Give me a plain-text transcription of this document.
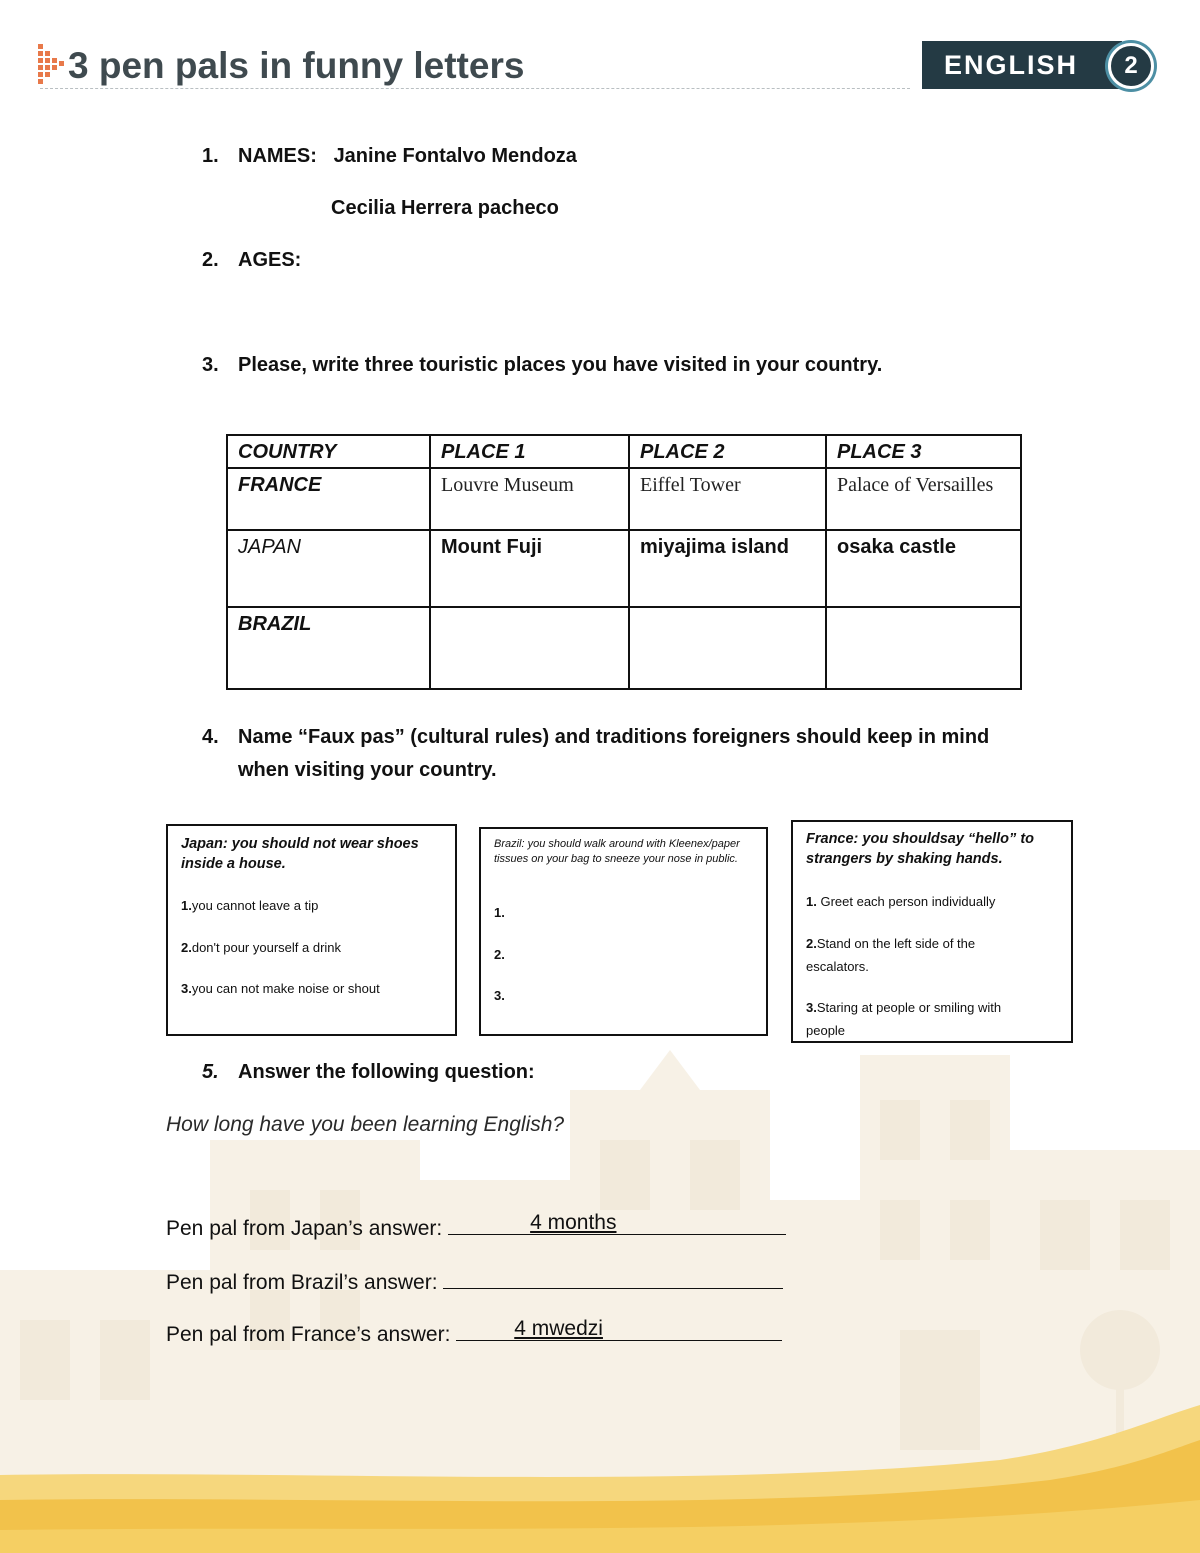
3 pen pals in funny letters	ENGLISH	2
1. NAMES: Janine Fontalvo Mendoza
Cecilia Herrera pacheco
2. AGES:
3. Please, write three touristic places you have visited in your country.
COUNTRY	PLACE 1	PLACE 2	PLACE 3
FRANCE	Louvre Museum	Eiffel Tower	Palace of Versailles
JAPAN	Mount Fuji	miyajima island	osaka castle
BRAZIL			
4. Name “Faux pas” (cultural rules) and traditions foreigners should keep in mind
when visiting your country.
Japan: you should not wear shoes inside a house.
1.you cannot leave a tip
2.don't pour yourself a drink
3.you can not make noise or shout
Brazil: you should walk around with Kleenex/paper tissues on your bag to sneeze your nose in public.
1.
2.
3.
France: you shouldsay “hello” to strangers by shaking hands.
1. Greet each person individually
2.Stand on the left side of the
escalators.
3.Staring at people or smiling with
people
5. Answer the following question:
How long have you been learning English?
Pen pal from Japan’s answer:	4 months
Pen pal from Brazil’s answer:
Pen pal from France’s answer:	4 mwedzi
